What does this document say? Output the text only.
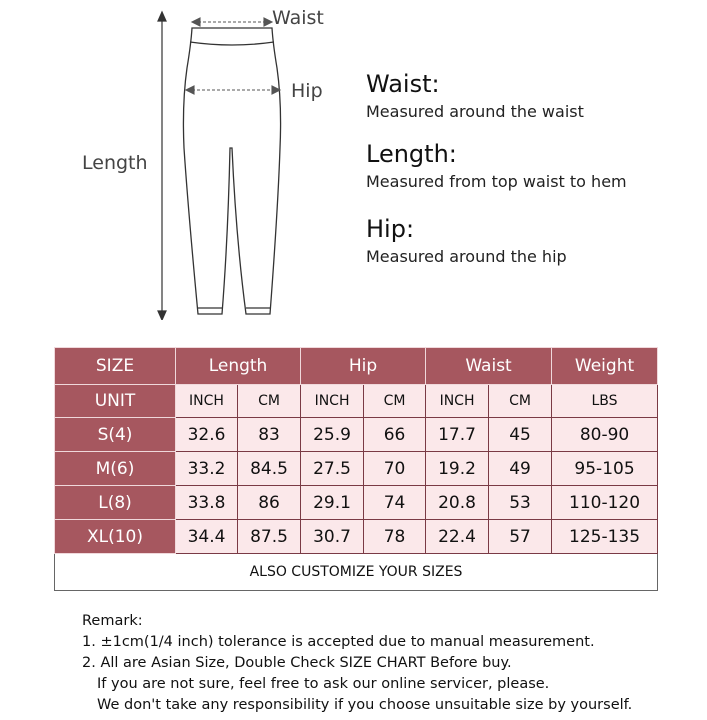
Waist
Hip
Length
Waist:
Measured around the waist
Length:
Measured from top waist to hem
Hip:
Measured around the hip
SIZE	Length		Hip		Waist		Weight
UNIT	INCH	CM	INCH	CM	INCH	CM	LBS
S(4)	32.6	83	25.9	66	17.7	45	80-90
M(6)	33.2	84.5	27.5	70	19.2	49	95-105
L(8)	33.8	86	29.1	74	20.8	53	110-120
XL(10)	34.4	87.5	30.7	78	22.4	57	125-135
ALSO CUSTOMIZE YOUR SIZES							
Remark:
1. ±1cm(1/4 inch) tolerance is accepted due to manual measurement.
2. All are Asian Size, Double Check SIZE CHART Before buy.
If you are not sure, feel free to ask our online servicer, please.
We don't take any responsibility if you choose unsuitable size by yourself.
